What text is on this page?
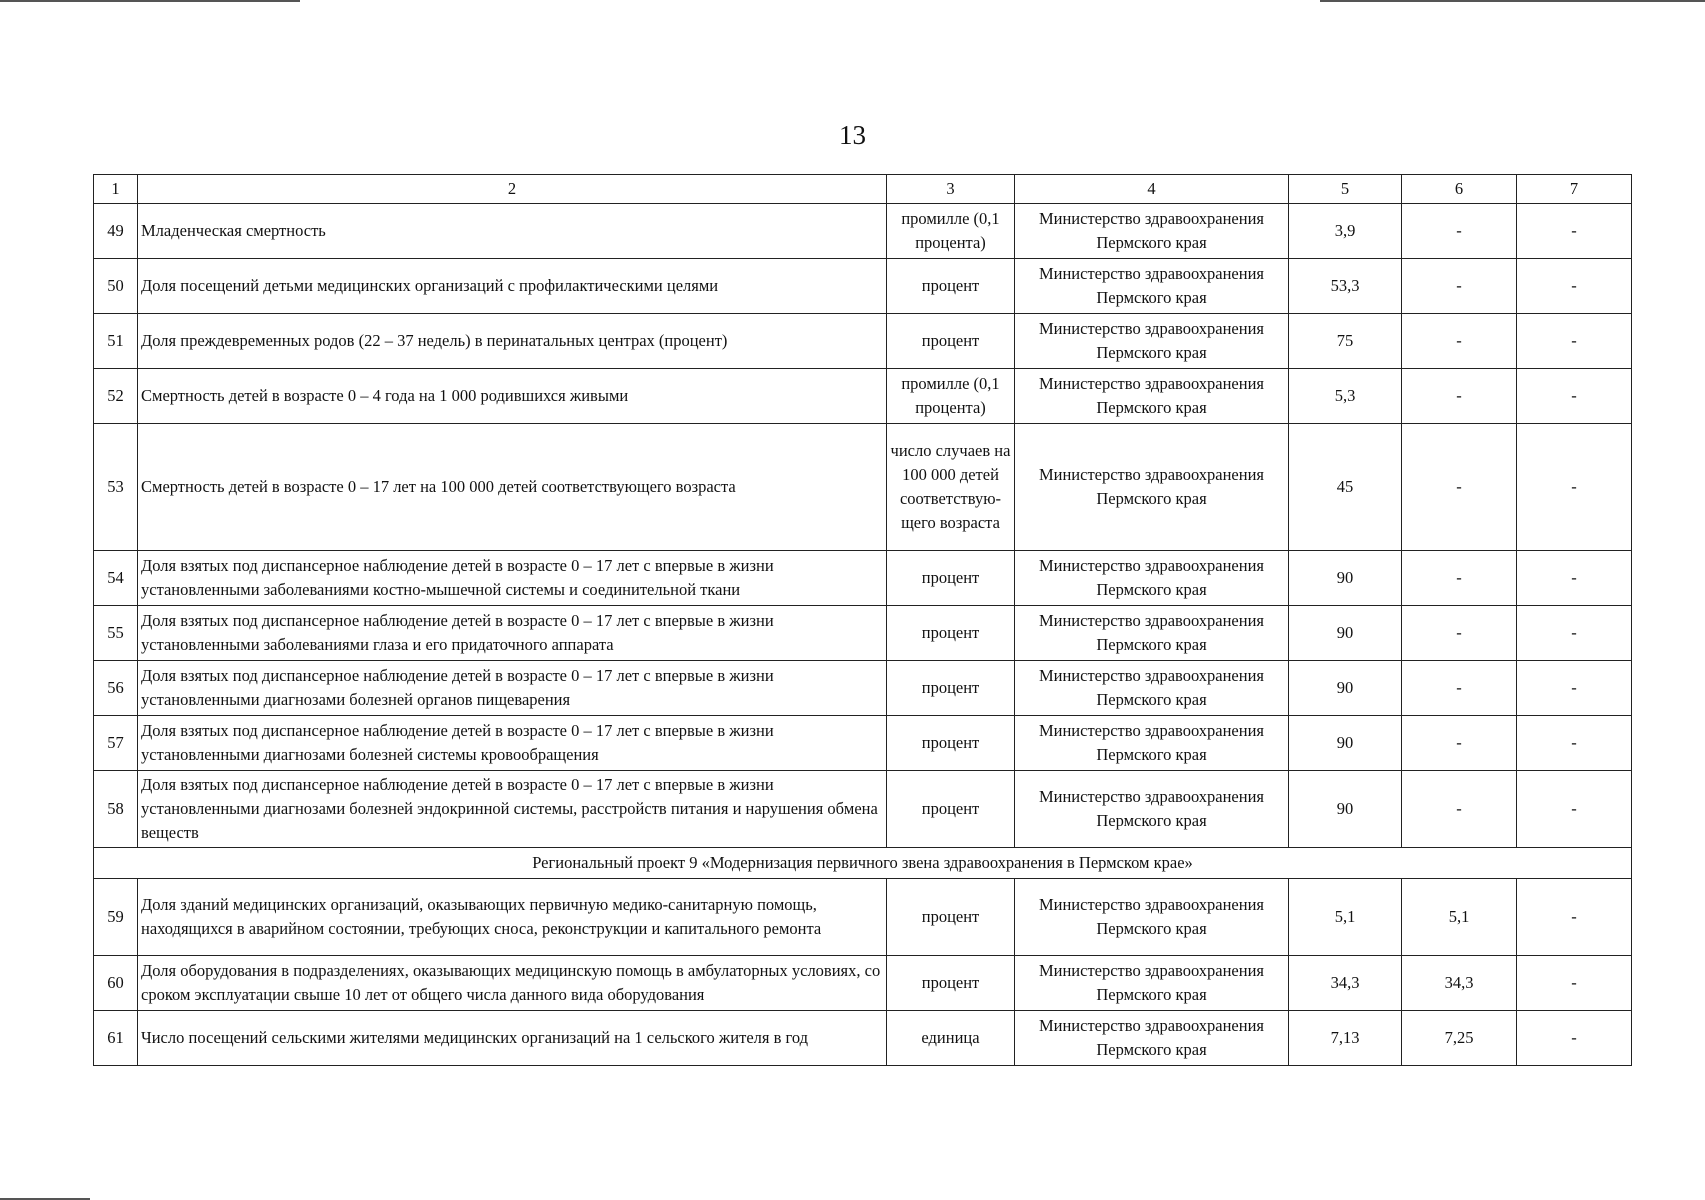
13
1	2	3	4	5	6	7
49	Младенческая смертность	промилле (0,1 процента)	Министерство здравоохранения Пермского края	3,9	-	-
50	Доля посещений детьми медицинских организаций с профилактическими целями	процент	Министерство здравоохранения Пермского края	53,3	-	-
51	Доля преждевременных родов (22 – 37 недель) в перинатальных центрах (процент)	процент	Министерство здравоохранения Пермского края	75	-	-
52	Смертность детей в возрасте 0 – 4 года на 1 000 родившихся живыми	промилле (0,1 процента)	Министерство здравоохранения Пермского края	5,3	-	-
53	Смертность детей в возрасте 0 – 17 лет на 100 000 детей соответствующего возраста	число случаев на 100 000 детей соответствую-щего возраста	Министерство здравоохранения Пермского края	45	-	-
54	Доля взятых под диспансерное наблюдение детей в возрасте 0 – 17 лет с впервые в жизни установленными заболеваниями костно-мышечной системы и соединительной ткани	процент	Министерство здравоохранения Пермского края	90	-	-
55	Доля взятых под диспансерное наблюдение детей в возрасте 0 – 17 лет с впервые в жизни установленными заболеваниями глаза и его придаточного аппарата	процент	Министерство здравоохранения Пермского края	90	-	-
56	Доля взятых под диспансерное наблюдение детей в возрасте 0 – 17 лет с впервые в жизни установленными диагнозами болезней органов пищеварения	процент	Министерство здравоохранения Пермского края	90	-	-
57	Доля взятых под диспансерное наблюдение детей в возрасте 0 – 17 лет с впервые в жизни установленными диагнозами болезней системы кровообращения	процент	Министерство здравоохранения Пермского края	90	-	-
58	Доля взятых под диспансерное наблюдение детей в возрасте 0 – 17 лет с впервые в жизни установленными диагнозами болезней эндокринной системы, расстройств питания и нарушения обмена веществ	процент	Министерство здравоохранения Пермского края	90	-	-
Региональный проект 9 «Модернизация первичного звена здравоохранения в Пермском крае»						
59	Доля зданий медицинских организаций, оказывающих первичную медико-санитарную помощь, находящихся в аварийном состоянии, требующих сноса, реконструкции и капитального ремонта	процент	Министерство здравоохранения Пермского края	5,1	5,1	-
60	Доля оборудования в подразделениях, оказывающих медицинскую помощь в амбулаторных условиях, со сроком эксплуатации свыше 10 лет от общего числа данного вида оборудования	процент	Министерство здравоохранения Пермского края	34,3	34,3	-
61	Число посещений сельскими жителями медицинских организаций на 1 сельского жителя в год	единица	Министерство здравоохранения Пермского края	7,13	7,25	-
